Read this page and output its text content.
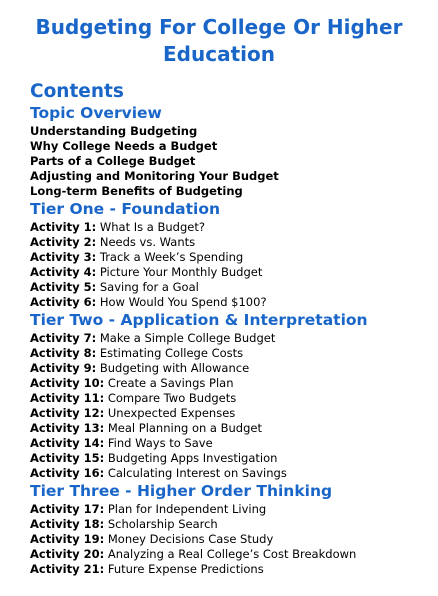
Budgeting For College Or Higher Education
Contents
Topic Overview
Understanding Budgeting
Why College Needs a Budget
Parts of a College Budget
Adjusting and Monitoring Your Budget
Long-term Benefits of Budgeting
Tier One - Foundation
Activity 1: What Is a Budget?
Activity 2: Needs vs. Wants
Activity 3: Track a Week’s Spending
Activity 4: Picture Your Monthly Budget
Activity 5: Saving for a Goal
Activity 6: How Would You Spend $100?
Tier Two - Application & Interpretation
Activity 7: Make a Simple College Budget
Activity 8: Estimating College Costs
Activity 9: Budgeting with Allowance
Activity 10: Create a Savings Plan
Activity 11: Compare Two Budgets
Activity 12: Unexpected Expenses
Activity 13: Meal Planning on a Budget
Activity 14: Find Ways to Save
Activity 15: Budgeting Apps Investigation
Activity 16: Calculating Interest on Savings
Tier Three - Higher Order Thinking
Activity 17: Plan for Independent Living
Activity 18: Scholarship Search
Activity 19: Money Decisions Case Study
Activity 20: Analyzing a Real College’s Cost Breakdown
Activity 21: Future Expense Predictions
